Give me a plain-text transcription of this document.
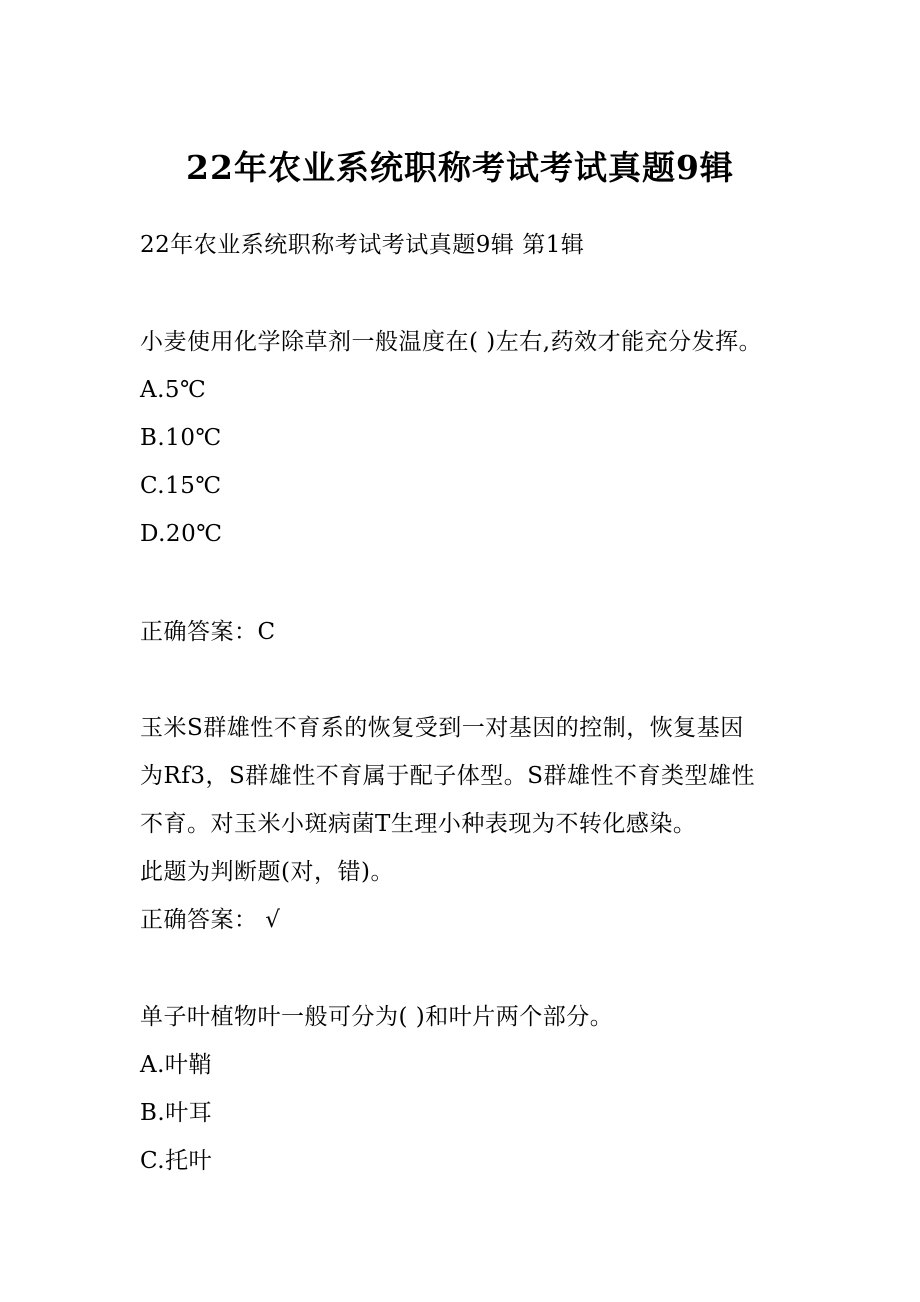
22年农业系统职称考试考试真题9辑
22年农业系统职称考试考试真题9辑 第1辑
小麦使用化学除草剂一般温度在( )左右,药效才能充分发挥。
A.5℃
B.10℃
C.15℃
D.20℃
正确答案：C
玉米S群雄性不育系的恢复受到一对基因的控制，恢复基因
为Rf3，S群雄性不育属于配子体型。S群雄性不育类型雄性
不育。对玉米小斑病菌T生理小种表现为不转化感染。
此题为判断题(对，错)。
正确答案： √
单子叶植物叶一般可分为( )和叶片两个部分。
A.叶鞘
B.叶耳
C.托叶
